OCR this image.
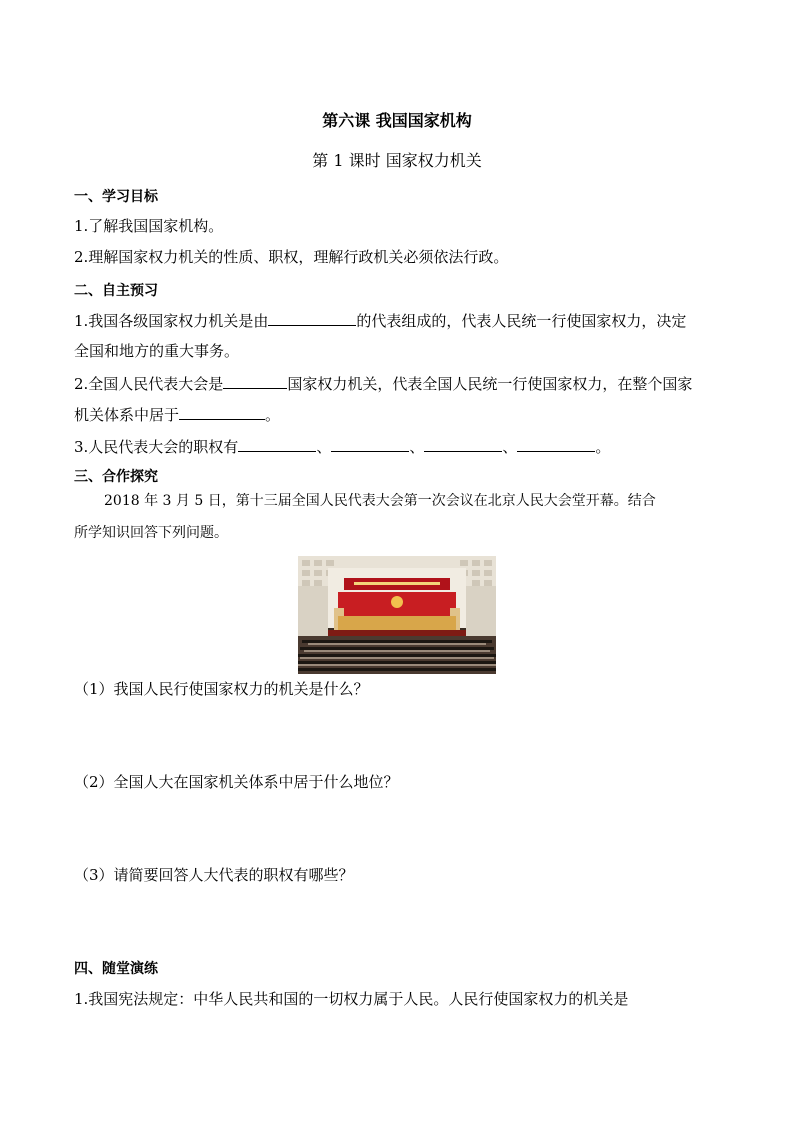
第六课 我国国家机构
第 1 课时 国家权力机关
一、学习目标
1.了解我国国家机构。
2.理解国家权力机关的性质、职权，理解行政机关必须依法行政。
二、自主预习
1.我国各级国家权力机关是由	的代表组成的，代表人民统一行使国家权力，决定
全国和地方的重大事务。
2.全国人民代表大会是	国家权力机关，代表全国人民统一行使国家权力，在整个国家
机关体系中居于	。
3.人民代表大会的职权有	、	、	、	。
三、合作探究
2018 年 3 月 5 日，第十三届全国人民代表大会第一次会议在北京人民大会堂开幕。结合
所学知识回答下列问题。
（1）我国人民行使国家权力的机关是什么？
（2）全国人大在国家机关体系中居于什么地位？
（3）请简要回答人大代表的职权有哪些？
四、随堂演练
1.我国宪法规定：中华人民共和国的一切权力属于人民。人民行使国家权力的机关是
